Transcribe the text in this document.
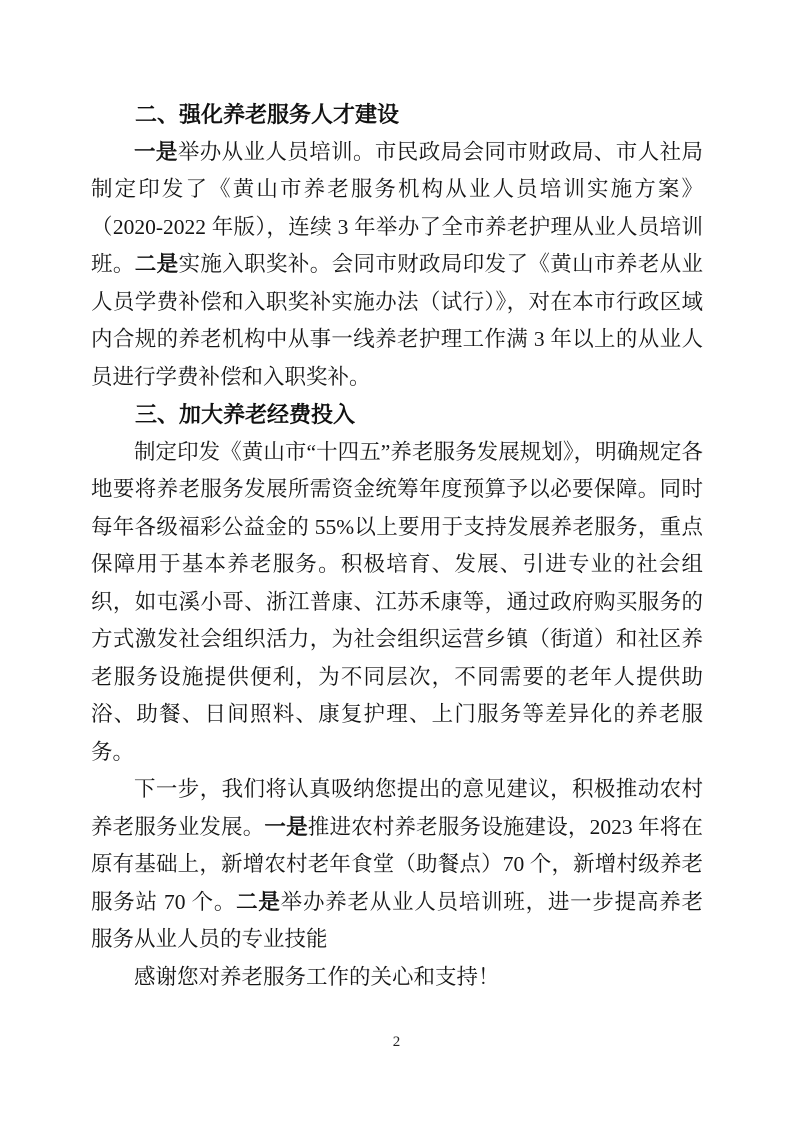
二、强化养老服务人才建设

一是举办从业人员培训。市民政局会同市财政局、市人社局制定印发了《黄山市养老服务机构从业人员培训实施方案》（2020-2022 年版），连续 3 年举办了全市养老护理从业人员培训班。二是实施入职奖补。会同市财政局印发了《黄山市养老从业人员学费补偿和入职奖补实施办法（试行）》，对在本市行政区域内合规的养老机构中从事一线养老护理工作满 3 年以上的从业人员进行学费补偿和入职奖补。

三、加大养老经费投入

制定印发《黄山市“十四五”养老服务发展规划》，明确规定各地要将养老服务发展所需资金统筹年度预算予以必要保障。同时每年各级福彩公益金的 55%以上要用于支持发展养老服务，重点保障用于基本养老服务。积极培育、发展、引进专业的社会组织，如屯溪小哥、浙江普康、江苏禾康等，通过政府购买服务的方式激发社会组织活力，为社会组织运营乡镇（街道）和社区养老服务设施提供便利，为不同层次，不同需要的老年人提供助浴、助餐、日间照料、康复护理、上门服务等差异化的养老服务。

下一步，我们将认真吸纳您提出的意见建议，积极推动农村养老服务业发展。一是推进农村养老服务设施建设，2023 年将在原有基础上，新增农村老年食堂（助餐点）70 个，新增村级养老服务站 70 个。二是举办养老从业人员培训班，进一步提高养老服务从业人员的专业技能

感谢您对养老服务工作的关心和支持！

2
